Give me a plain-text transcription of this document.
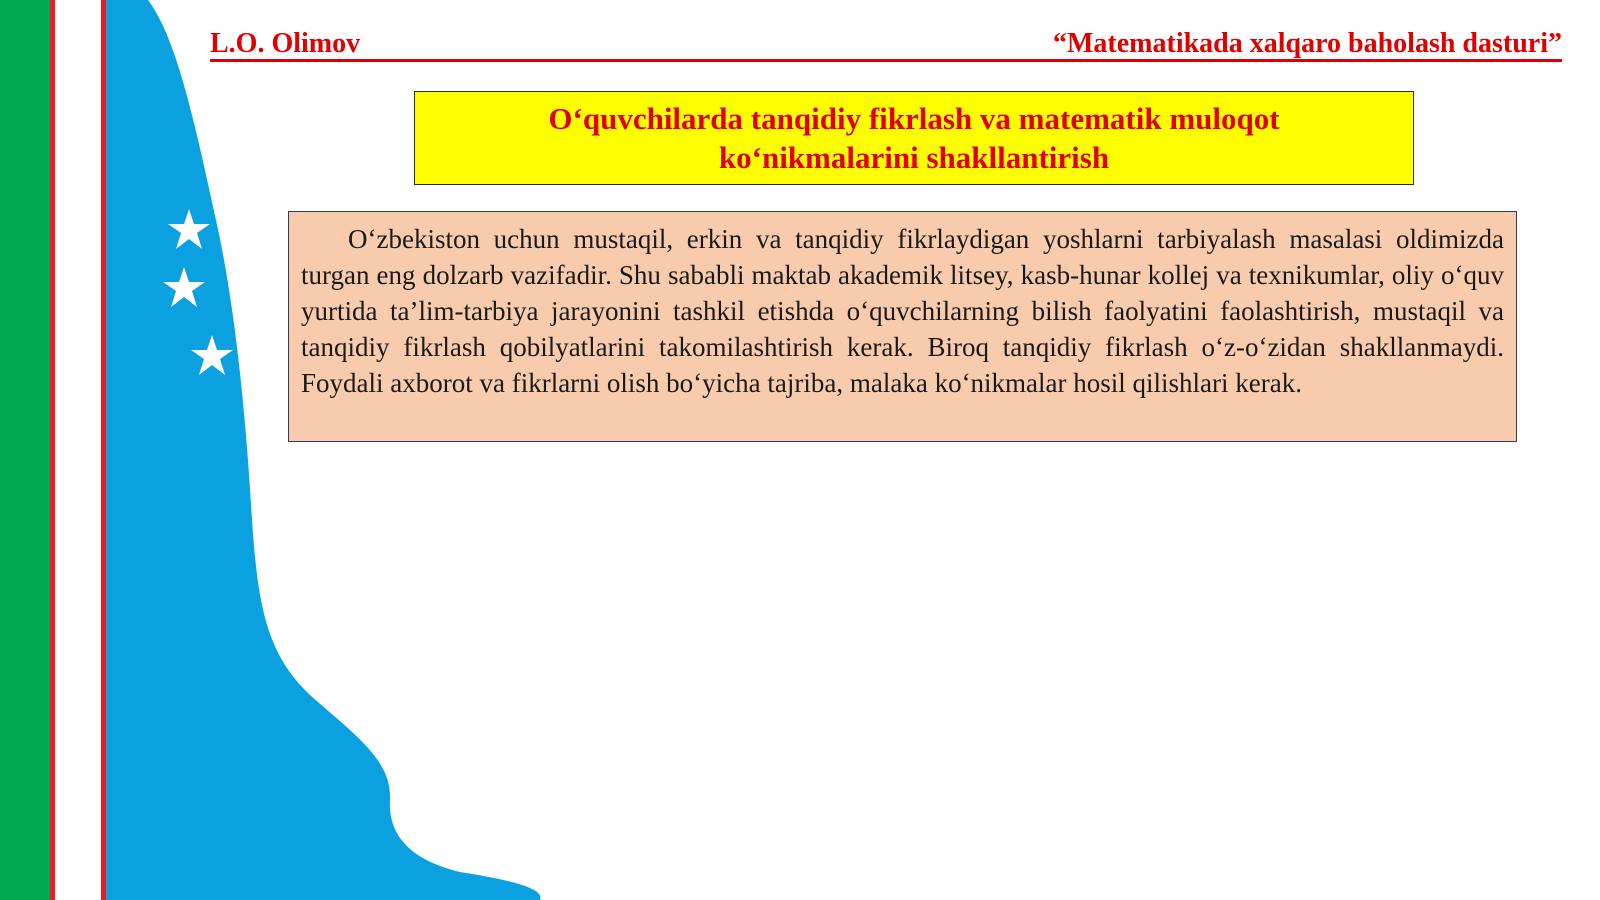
L.O. Olimov	“Matematikada xalqaro baholash dasturi”
O‘quvchilarda tanqidiy fikrlash va matematik muloqot
ko‘nikmalarini shakllantirish

O‘zbekiston uchun mustaqil, erkin va tanqidiy fikrlaydigan yoshlarni tarbiyalash masalasi oldimizda turgan eng dolzarb vazifadir. Shu sababli maktab akademik litsey, kasb-hunar kollej va texnikumlar, oliy o‘quv yurtida ta’lim-tarbiya jarayonini tashkil etishda o‘quvchilarning bilish faolyatini faolashtirish, mustaqil va tanqidiy fikrlash qobilyatlarini takomilashtirish kerak. Biroq tanqidiy fikrlash o‘z-o‘zidan shakllanmaydi. Foydali axborot va fikrlarni olish bo‘yicha tajriba, malaka ko‘nikmalar hosil qilishlari kerak.
